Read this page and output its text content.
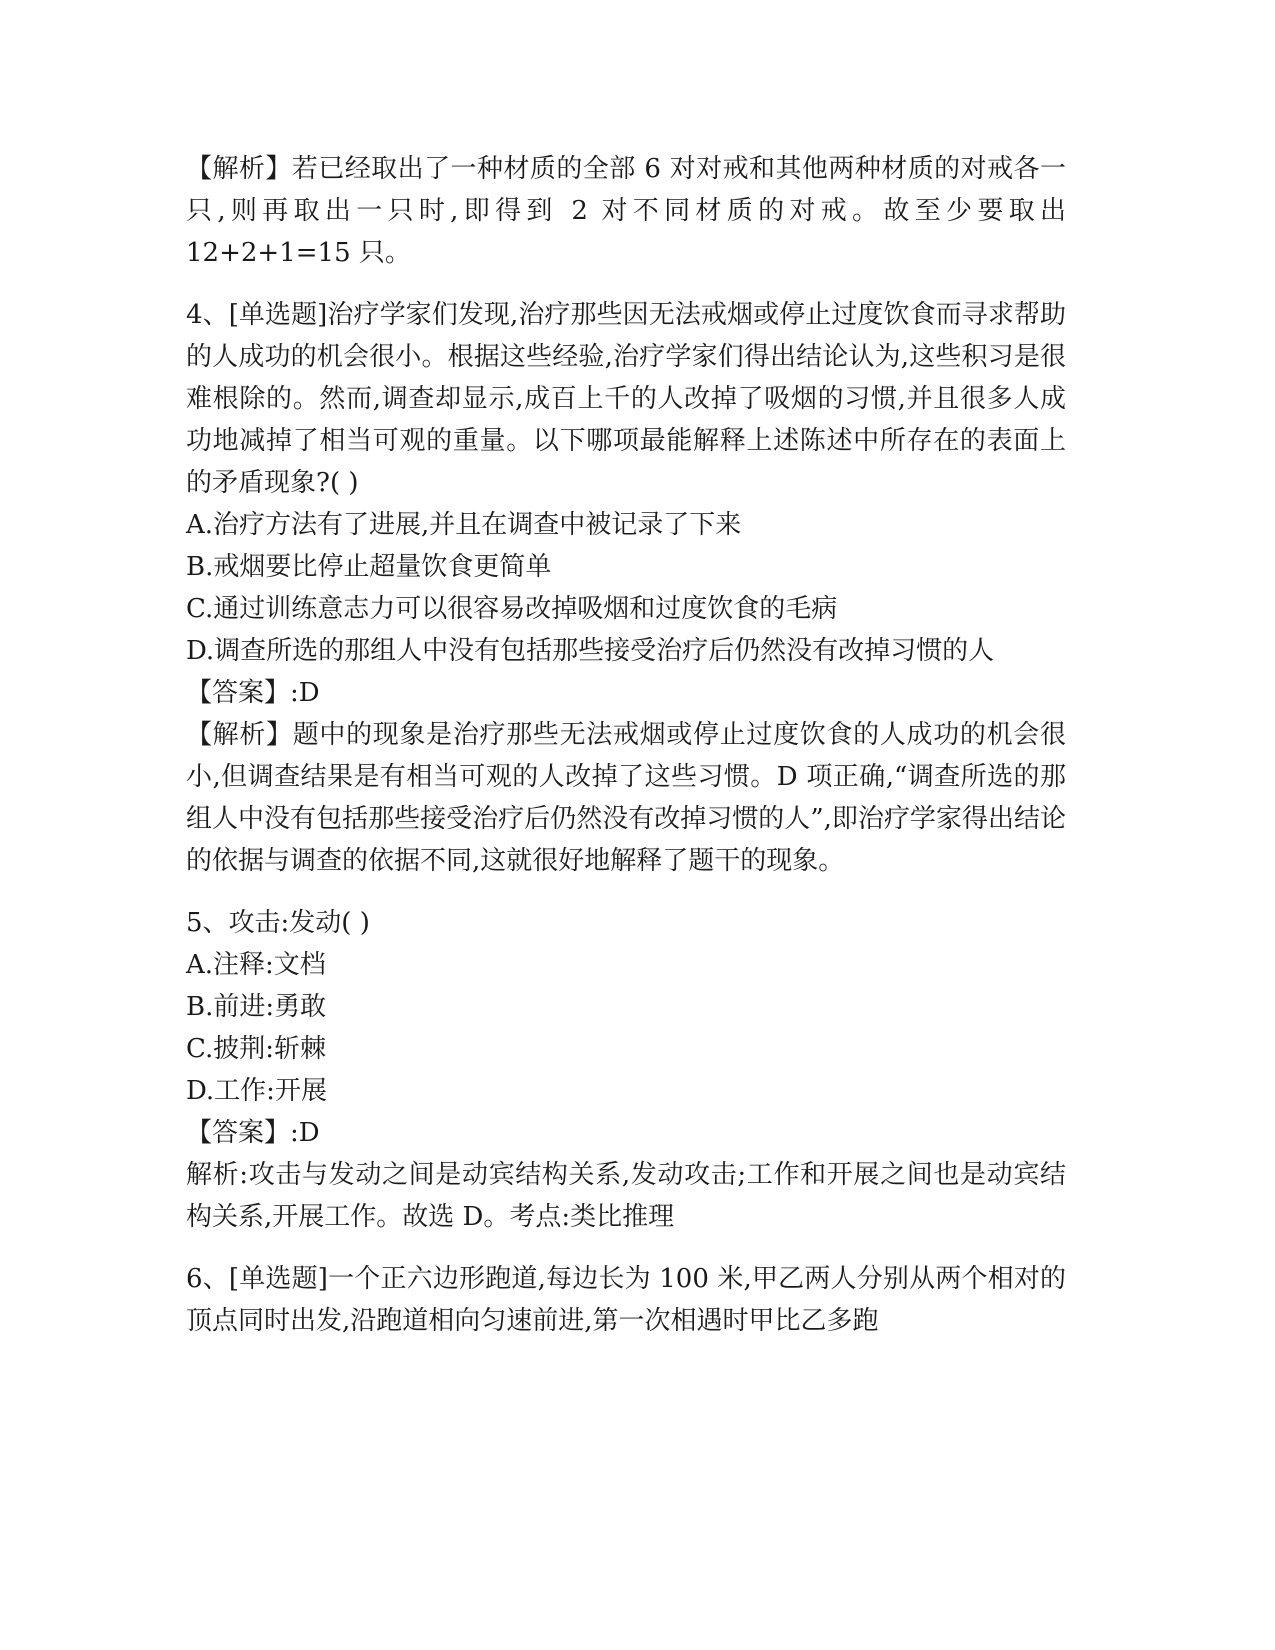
【解析】若已经取出了一种材质的全部 6 对对戒和其他两种材质的对戒各一只,则再取出一只时,即得到 2 对不同材质的对戒。故至少要取出 12+2+1=15 只。

4、[单选题]治疗学家们发现,治疗那些因无法戒烟或停止过度饮食而寻求帮助的人成功的机会很小。根据这些经验,治疗学家们得出结论认为,这些积习是很难根除的。然而,调查却显示,成百上千的人改掉了吸烟的习惯,并且很多人成功地减掉了相当可观的重量。以下哪项最能解释上述陈述中所存在的表面上的矛盾现象?( )

A.治疗方法有了进展,并且在调查中被记录了下来

B.戒烟要比停止超量饮食更简单

C.通过训练意志力可以很容易改掉吸烟和过度饮食的毛病

D.调查所选的那组人中没有包括那些接受治疗后仍然没有改掉习惯的人

【答案】:D

【解析】题中的现象是治疗那些无法戒烟或停止过度饮食的人成功的机会很小,但调查结果是有相当可观的人改掉了这些习惯。D 项正确,“调查所选的那组人中没有包括那些接受治疗后仍然没有改掉习惯的人”,即治疗学家得出结论的依据与调查的依据不同,这就很好地解释了题干的现象。

5、攻击:发动( )

A.注释:文档

B.前进:勇敢

C.披荆:斩棘

D.工作:开展

【答案】:D

解析:攻击与发动之间是动宾结构关系,发动攻击;工作和开展之间也是动宾结构关系,开展工作。故选 D。考点:类比推理

6、[单选题]一个正六边形跑道,每边长为 100 米,甲乙两人分别从两个相对的顶点同时出发,沿跑道相向匀速前进,第一次相遇时甲比乙多跑
